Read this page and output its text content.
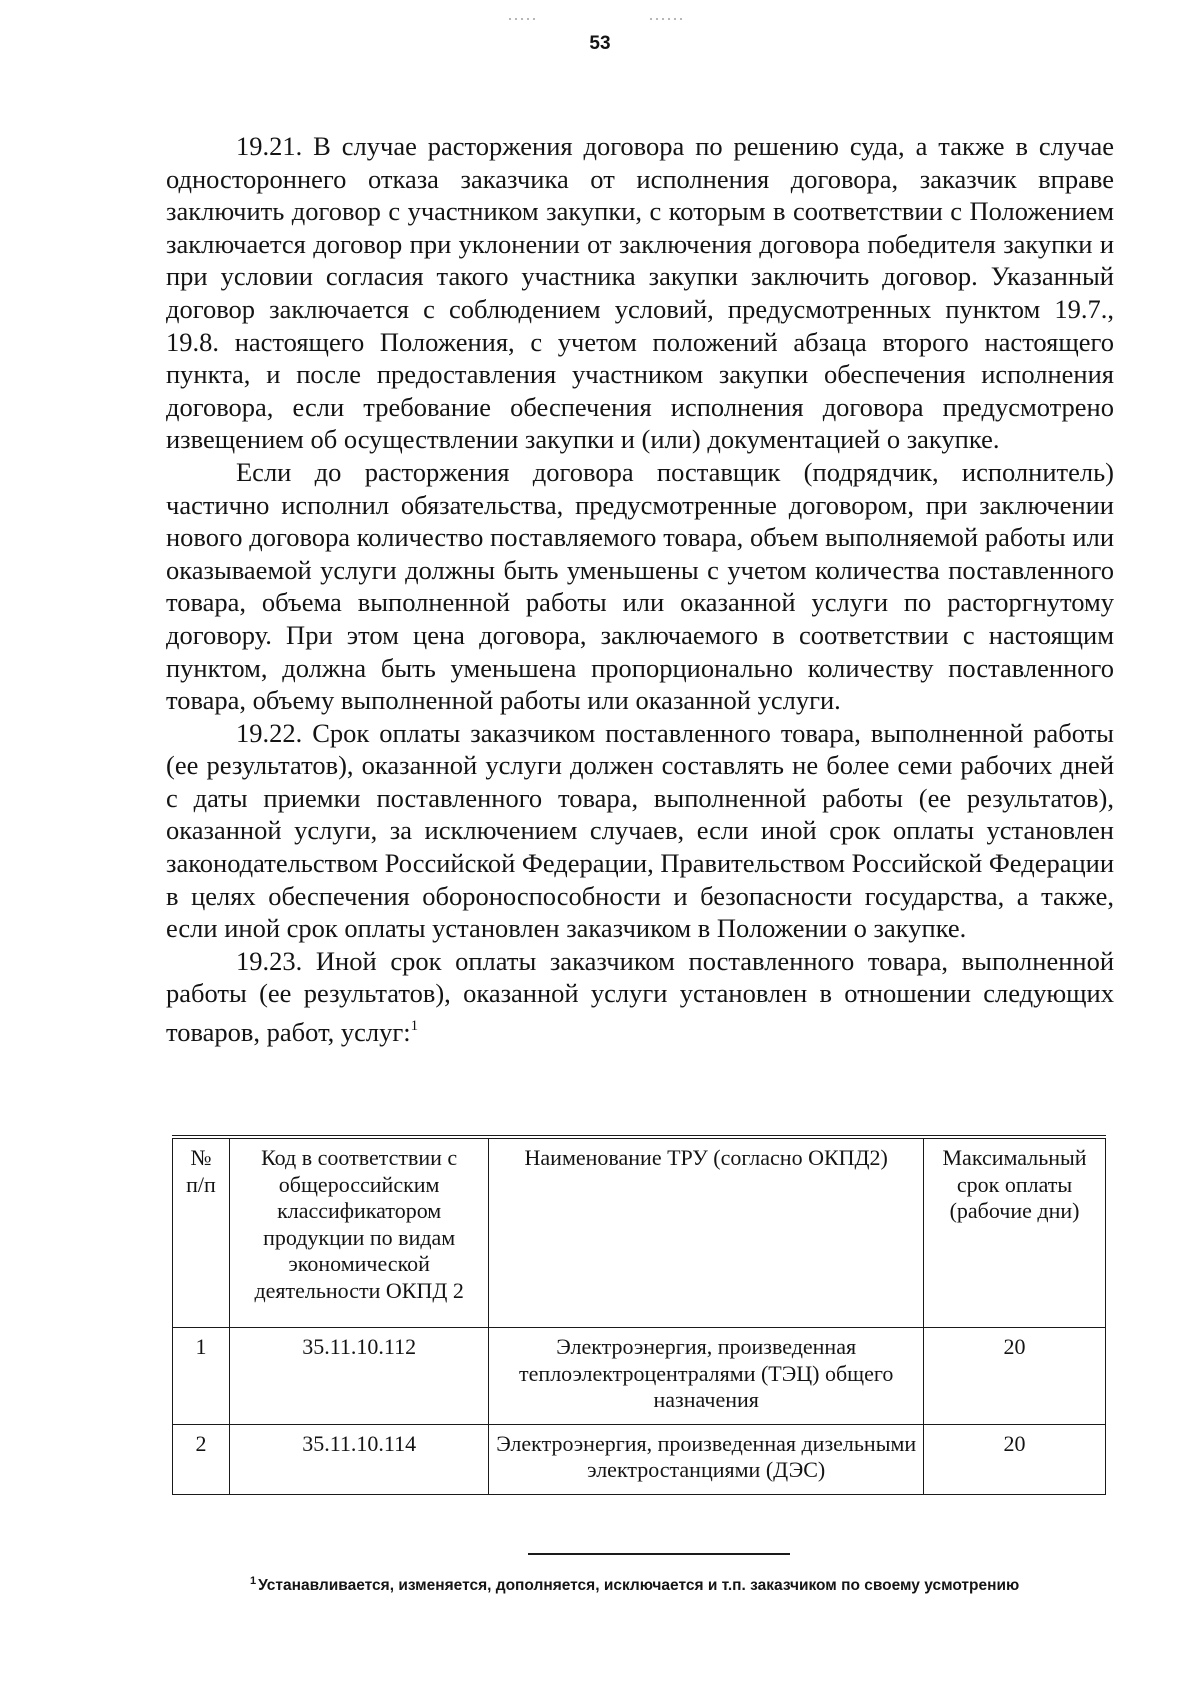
53

19.21. В случае расторжения договора по решению суда, а также в случае одностороннего отказа заказчика от исполнения договора, заказчик вправе заключить договор с участником закупки, с которым в соответствии с Положением заключается договор при уклонении от заключения договора победителя закупки и при условии согласия такого участника закупки заключить договор. Указанный договор заключается с соблюдением условий, предусмотренных пунктом 19.7., 19.8. настоящего Положения, с учетом положений абзаца второго настоящего пункта, и после предоставления участником закупки обеспечения исполнения договора, если требование обеспечения исполнения договора предусмотрено извещением об осуществлении закупки и (или) документацией о закупке.

Если до расторжения договора поставщик (подрядчик, исполнитель) частично исполнил обязательства, предусмотренные договором, при заключении нового договора количество поставляемого товара, объем выполняемой работы или оказываемой услуги должны быть уменьшены с учетом количества поставленного товара, объема выполненной работы или оказанной услуги по расторгнутому договору. При этом цена договора, заключаемого в соответствии с настоящим пунктом, должна быть уменьшена пропорционально количеству поставленного товара, объему выполненной работы или оказанной услуги.

19.22. Срок оплаты заказчиком поставленного товара, выполненной работы (ее результатов), оказанной услуги должен составлять не более семи рабочих дней с даты приемки поставленного товара, выполненной работы (ее результатов), оказанной услуги, за исключением случаев, если иной срок оплаты установлен законодательством Российской Федерации, Правительством Российской Федерации в целях обеспечения обороноспособности и безопасности государства, а также, если иной срок оплаты установлен заказчиком в Положении о закупке.

19.23. Иной срок оплаты заказчиком поставленного товара, выполненной работы (ее результатов), оказанной услуги установлен в отношении следующих товаров, работ, услуг:$^1$

№ п/п	Код в соответствии с общероссийским классификатором продукции по видам экономической деятельности ОКПД 2	Наименование ТРУ (согласно ОКПД2)	Максимальный срок оплаты (рабочие дни)
1	35.11.10.112	Электроэнергия, произведенная теплоэлектроцентралями (ТЭЦ) общего назначения	20
2	35.11.10.114	Электроэнергия, произведенная дизельными электростанциями (ДЭС)	20
$^1$ Устанавливается, изменяется, дополняется, исключается и т.п. заказчиком по своему усмотрению
